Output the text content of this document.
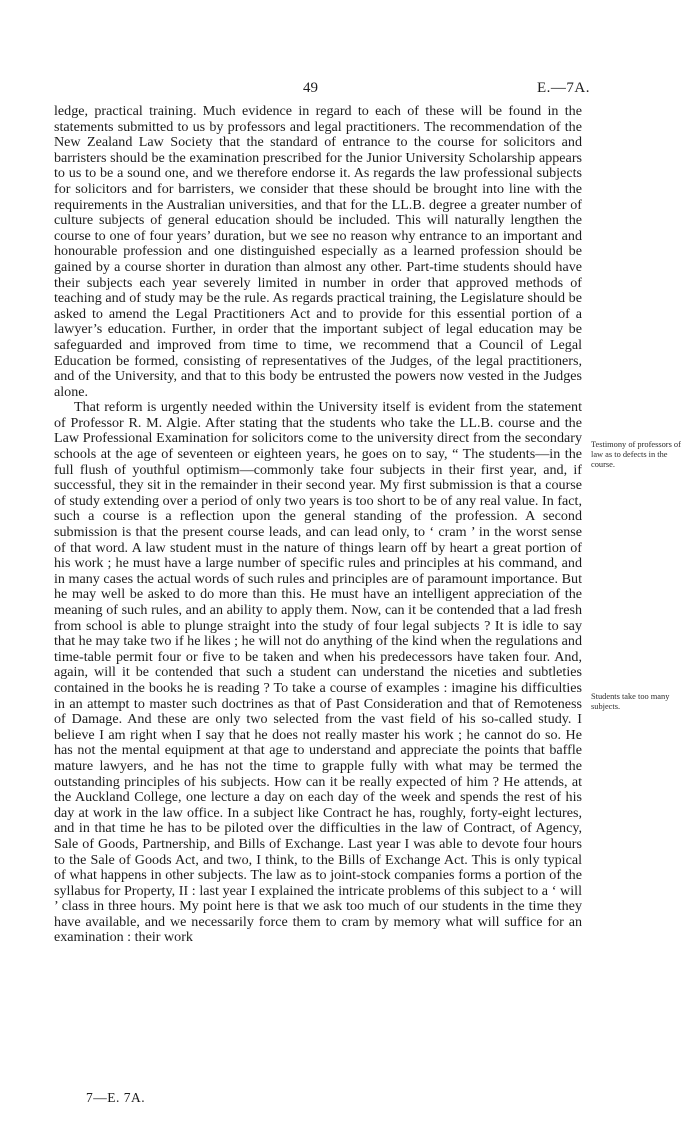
49	E.—7A.

ledge, practical training. Much evidence in regard to each of these will be found in the statements submitted to us by professors and legal practitioners. The recommendation of the New Zealand Law Society that the standard of entrance to the course for solicitors and barristers should be the examination prescribed for the Junior University Scholarship appears to us to be a sound one, and we therefore endorse it. As regards the law professional subjects for solicitors and for barristers, we consider that these should be brought into line with the requirements in the Australian universities, and that for the LL.B. degree a greater number of culture subjects of general education should be included. This will naturally lengthen the course to one of four years’ duration, but we see no reason why entrance to an important and honourable profession and one distinguished especially as a learned profession should be gained by a course shorter in duration than almost any other. Part-time students should have their subjects each year severely limited in number in order that approved methods of teaching and of study may be the rule. As regards practical training, the Legislature should be asked to amend the Legal Practitioners Act and to provide for this essential portion of a lawyer’s education. Further, in order that the important subject of legal education may be safeguarded and improved from time to time, we recommend that a Council of Legal Education be formed, consisting of representatives of the Judges, of the legal practitioners, and of the University, and that to this body be entrusted the powers now vested in the Judges alone.

That reform is urgently needed within the University itself is evident from the statement of Professor R. M. Algie. After stating that the students who take the LL.B. course and the Law Professional Examination for solicitors come to the university direct from the secondary schools at the age of seventeen or eighteen years, he goes on to say, “ The students—in the full flush of youthful optimism—commonly take four subjects in their first year, and, if successful, they sit in the remainder in their second year. My first submission is that a course of study extending over a period of only two years is too short to be of any real value. In fact, such a course is a reflection upon the general standing of the profession. A second submission is that the present course leads, and can lead only, to ‘ cram ’ in the worst sense of that word. A law student must in the nature of things learn off by heart a great portion of his work ; he must have a large number of specific rules and principles at his command, and in many cases the actual words of such rules and principles are of paramount importance. But he may well be asked to do more than this. He must have an intelligent appreciation of the meaning of such rules, and an ability to apply them. Now, can it be contended that a lad fresh from school is able to plunge straight into the study of four legal subjects ? It is idle to say that he may take two if he likes ; he will not do anything of the kind when the regulations and time-table permit four or five to be taken and when his predecessors have taken four. And, again, will it be contended that such a student can understand the niceties and subtleties contained in the books he is reading ? To take a course of examples : imagine his difficulties in an attempt to master such doctrines as that of Past Consideration and that of Remoteness of Damage. And these are only two selected from the vast field of his so-called study. I believe I am right when I say that he does not really master his work ; he cannot do so. He has not the mental equipment at that age to understand and appreciate the points that baffle mature lawyers, and he has not the time to grapple fully with what may be termed the outstanding principles of his subjects. How can it be really expected of him ? He attends, at the Auckland College, one lecture a day on each day of the week and spends the rest of his day at work in the law office. In a subject like Contract he has, roughly, forty-eight lectures, and in that time he has to be piloted over the difficulties in the law of Contract, of Agency, Sale of Goods, Partnership, and Bills of Exchange. Last year I was able to devote four hours to the Sale of Goods Act, and two, I think, to the Bills of Exchange Act. This is only typical of what happens in other subjects. The law as to joint-stock companies forms a portion of the syllabus for Property, II : last year I explained the intricate problems of this subject to a ‘ will ’ class in three hours. My point here is that we ask too much of our students in the time they have available, and we necessarily force them to cram by memory what will suffice for an examination : their work

Testimony of professors of law as to defects in the course.
Students take too many subjects.
7—E. 7A.
